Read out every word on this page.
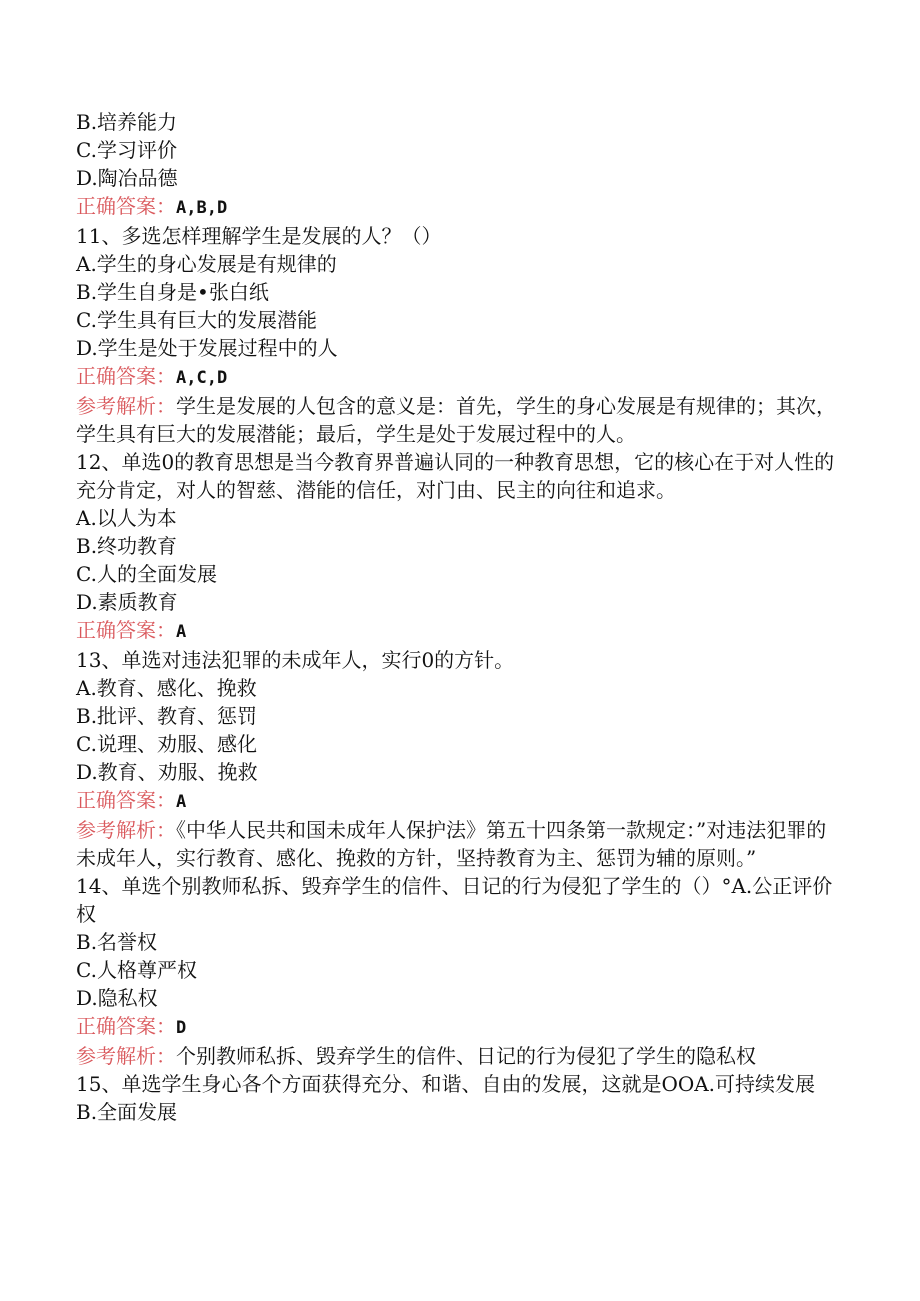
B.培养能力

C.学习评价

D.陶冶品德

正确答案：A,B,D

11、多选怎样理解学生是发展的人？（）

A.学生的身心发展是有规律的

B.学生自身是•张白纸

C.学生具有巨大的发展潜能

D.学生是处于发展过程中的人

正确答案：A,C,D

参考解析：学生是发展的人包含的意义是：首先，学生的身心发展是有规律的；其次，学生具有巨大的发展潜能；最后，学生是处于发展过程中的人。

12、单选0的教育思想是当今教育界普遍认同的一种教育思想，它的核心在于对人性的充分肯定，对人的智慈、潜能的信任，对门由、民主的向往和追求。

A.以人为本

B.终功教育

C.人的全面发展

D.素质教育

正确答案：A

13、单选对违法犯罪的未成年人，实行0的方针。

A.教育、感化、挽救

B.批评、教育、惩罚

C.说理、劝服、感化

D.教育、劝服、挽救

正确答案：A

参考解析：《中华人民共和国未成年人保护法》第五十四条第一款规定：”对违法犯罪的未成年人，实行教育、感化、挽救的方针，坚持教育为主、惩罚为辅的原则。”

14、单选个别教师私拆、毁弃学生的信件、日记的行为侵犯了学生的（）°A.公正评价权

B.名誉权

C.人格尊严权

D.隐私权

正确答案：D

参考解析：个别教师私拆、毁弃学生的信件、日记的行为侵犯了学生的隐私权

15、单选学生身心各个方面获得充分、和谐、自由的发展，这就是OOA.可持续发展

B.全面发展
